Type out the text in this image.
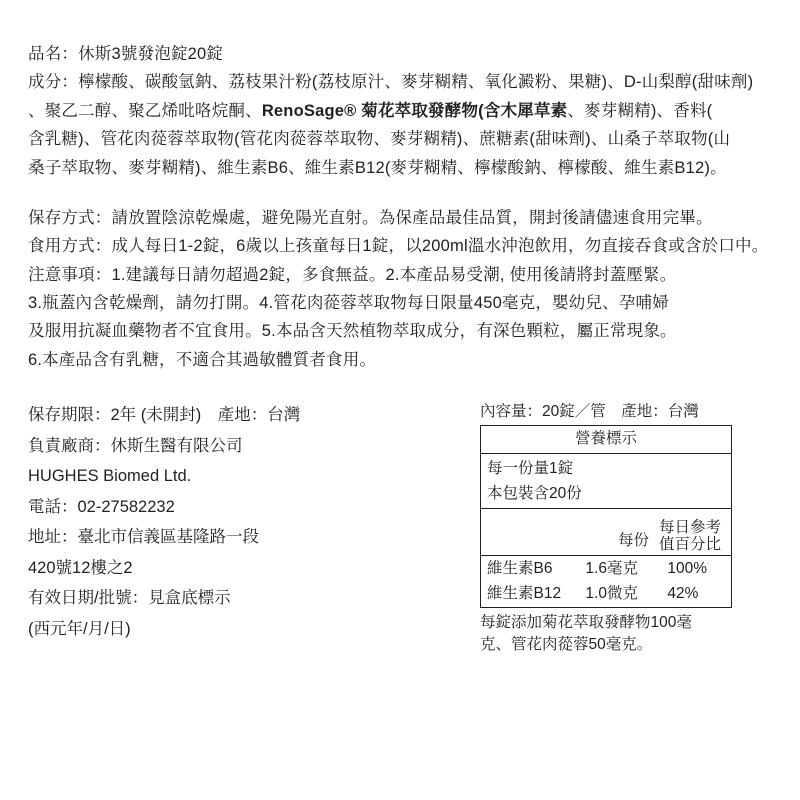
品名：休斯3號發泡錠20錠
成分：檸檬酸、碳酸氫鈉、荔枝果汁粉(荔枝原汁、麥芽糊精、氧化澱粉、果糖)、D-山梨醇(甜味劑)
、聚乙二醇、聚乙烯吡咯烷酮、RenoSage® 菊花萃取發酵物(含木犀草素、麥芽糊精)、香料(
含乳糖)、管花肉蓯蓉萃取物(管花肉蓯蓉萃取物、麥芽糊精)、蔗糖素(甜味劑)、山桑子萃取物(山
桑子萃取物、麥芽糊精)、維生素B6、維生素B12(麥芽糊精、檸檬酸鈉、檸檬酸、維生素B12)。
保存方式：請放置陰涼乾燥處，避免陽光直射。為保產品最佳品質，開封後請儘速食用完畢。
食用方式：成人每日1-2錠，6歲以上孩童每日1錠，以200ml溫水沖泡飲用，勿直接吞食或含於口中。
注意事項：1.建議每日請勿超過2錠，多食無益。2.本產品易受潮, 使用後請將封蓋壓緊。
3.瓶蓋內含乾燥劑，請勿打開。4.管花肉蓯蓉萃取物每日限量450毫克，嬰幼兒、孕哺婦
及服用抗凝血藥物者不宜食用。5.本品含天然植物萃取成分，有深色顆粒，屬正常現象。
6.本產品含有乳糖，不適合其過敏體質者食用。
保存期限：2年 (未開封)　產地：台灣
負責廠商：休斯生醫有限公司
HUGHES Biomed Ltd.
電話：02-27582232
地址：臺北市信義區基隆路一段
420號12樓之2
有效日期/批號：見盒底標示
(西元年/月/日)
內容量：20錠／管　產地：台灣
營養標示		
每一份量1錠		
本包裝含20份		

每份
每日參考
值百分比		

維生素B6	1.6毫克	100%
維生素B12	1.0微克	42%
每錠添加菊花萃取發酵物100毫
克、管花肉蓯蓉50毫克。
